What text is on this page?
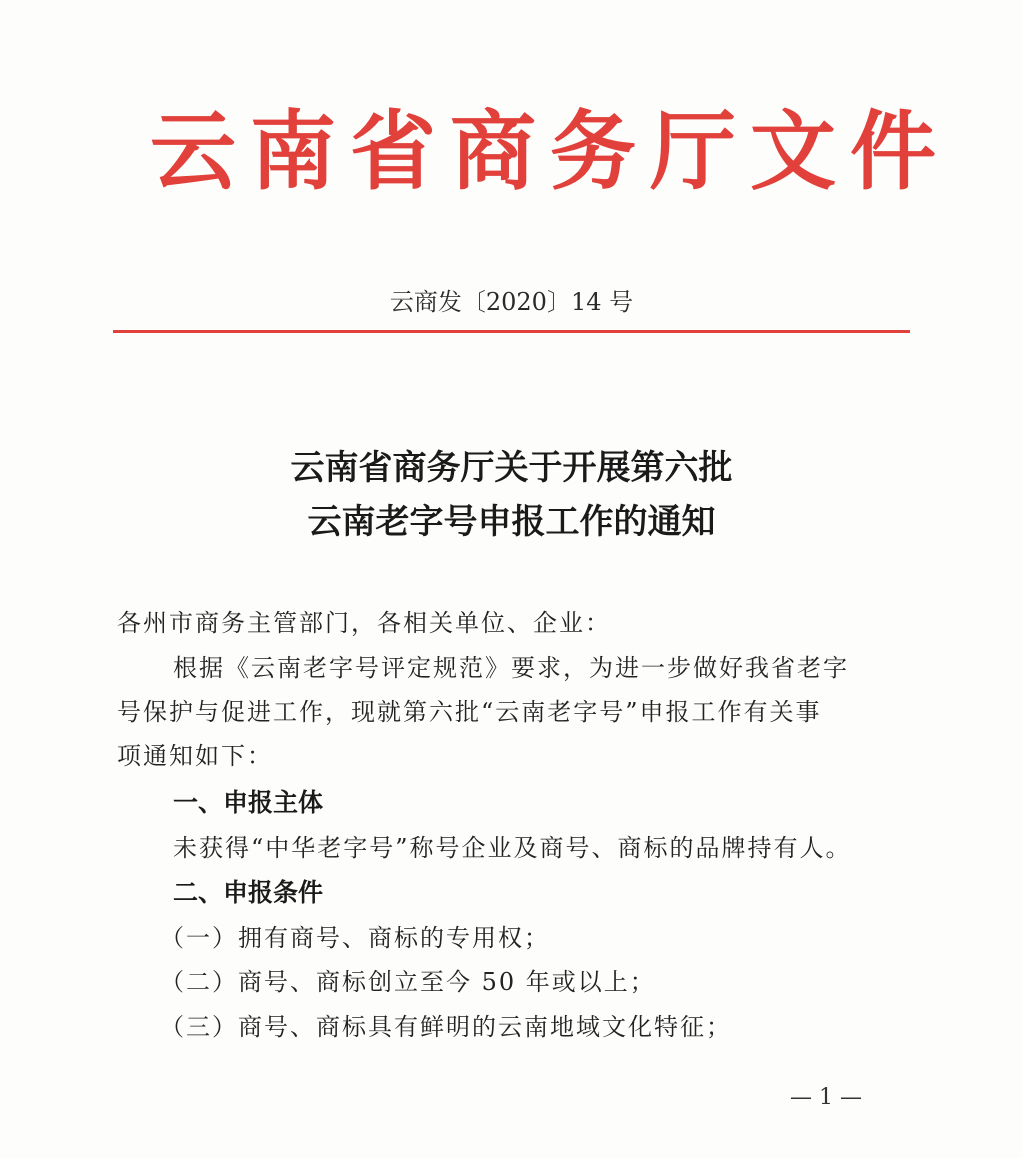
云南省商务厅文件
云商发〔2020〕14 号
云南省商务厅关于开展第六批
云南老字号申报工作的通知
各州市商务主管部门，各相关单位、企业：
根据《云南老字号评定规范》要求，为进一步做好我省老字
号保护与促进工作，现就第六批“云南老字号”申报工作有关事
项通知如下：
一、申报主体
未获得“中华老字号”称号企业及商号、商标的品牌持有人。
二、申报条件
（一）拥有商号、商标的专用权；
（二）商号、商标创立至今 50 年或以上；
（三）商号、商标具有鲜明的云南地域文化特征；
— 1 —
